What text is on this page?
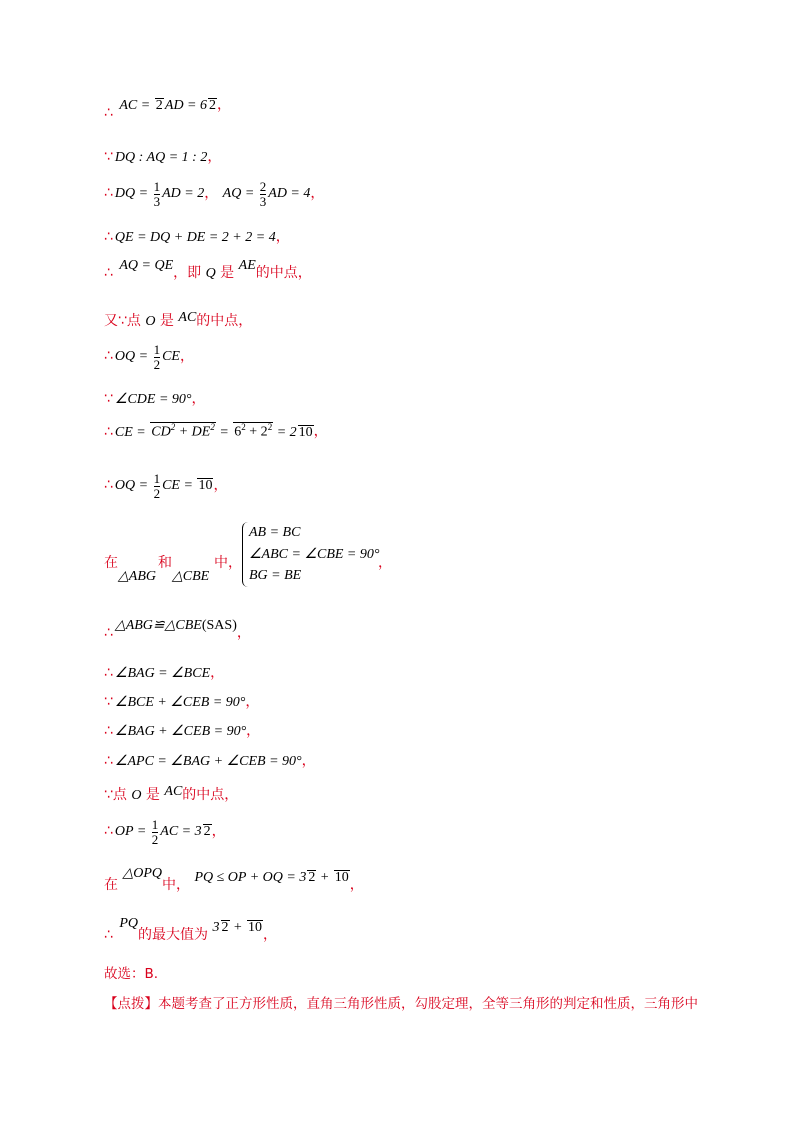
∴ AC = 2  AD = 6 2，
∵ DQ : AQ = 1 : 2，
∴ DQ = $\frac{1}{3}$ AD = 2， AQ = $\frac{2}{3}$ AD = 4，
∴ QE = DQ + DE = 2 + 2 = 4，
∴ AQ = QE，即 Q 是 AE的中点，
又∵点 O 是 AC的中点，
∴ OQ = $\frac{1}{2}$ CE，
∵ ∠CDE = 90°，
∴ CE = $CD^2 + DE^2 = 6^2 + 2^2 = 2$ 10，
∴ OQ = $\frac{1}{2}$ CE = 10，
在
△ABG
和
△CBE
中，
AB = BC
∠ABC = ∠CBE = 90°
BG = BE
，
∴ △ABG≌△CBE(SAS)，
∴ ∠BAG = ∠BCE，
∵ ∠BCE + ∠CEB = 90°，
∴ ∠BAG + ∠CEB = 90°，
∴ ∠APC = ∠BAG + ∠CEB = 90°，
∵点 O 是 AC的中点，
∴ OP = $\frac{1}{2}$ AC = 3 2，
在 △OPQ中， PQ ≤ OP + OQ = 3 2 + 10，
∴ PQ的最大值为 3 2 + 10，
故选：B.
【点拨】本题考查了正方形性质，直角三角形性质，勾股定理，全等三角形的判定和性质，三角形中
